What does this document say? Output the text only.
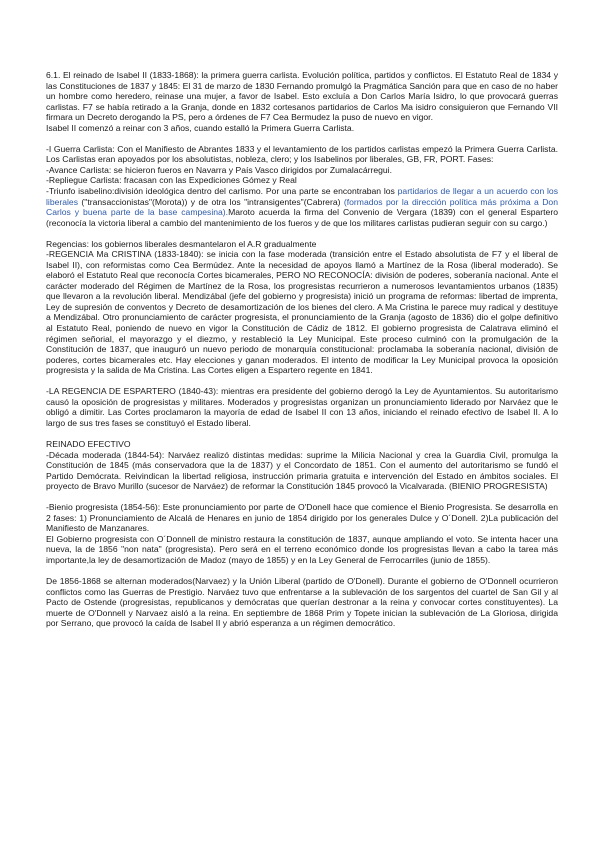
6.1. El reinado de Isabel II (1833-1868): la primera guerra carlista. Evolución política, partidos y conflictos. El Estatuto Real de 1834 y las Constituciones de 1837 y 1845: El 31 de marzo de 1830 Fernando promulgó la Pragmática Sanción para que en caso de no haber un hombre como heredero, reinase una mujer, a favor de Isabel. Esto excluía a Don Carlos María Isidro, lo que provocará guerras carlistas. F7 se había retirado a la Granja, donde en 1832 cortesanos partidarios de Carlos Ma isidro consiguieron que Fernando VII firmara un Decreto derogando la PS, pero a órdenes de F7 Cea Bermudez la puso de nuevo en vigor.

Isabel II comenzó a reinar con 3 años, cuando estalló la Primera Guerra Carlista.

-I Guerra Carlista: Con el Manifiesto de Abrantes 1833 y el levantamiento de los partidos carlistas empezó la Primera Guerra Carlista. Los Carlistas eran apoyados por los absolutistas, nobleza, clero; y los Isabelinos por liberales, GB, FR, PORT. Fases:

-Avance Carlista: se hicieron fueros en Navarra y País Vasco dirigidos por Zumalacárregui.

-Repliegue Carlista: fracasan con las Expediciones Gómez y Real

-Triunfo isabelino:división ideológica dentro del carlismo. Por una parte se encontraban los partidarios de llegar a un acuerdo con los liberales ("transaccionistas"(Morota)) y de otra los "intransigentes"(Cabrera) (formados por la dirección política más próxima a Don Carlos y buena parte de la base campesina).Maroto acuerda la firma del Convenio de Vergara (1839) con el general Espartero (reconocía la victoria liberal a cambio del mantenimiento de los fueros y de que los militares carlistas pudieran seguir con su cargo.)

Regencias: los gobiernos liberales desmantelaron el A.R gradualmente

-REGENCIA Ma CRISTINA (1833-1840): se inicia con la fase moderada (transición entre el Estado absolutista de F7 y el liberal de Isabel II), con reformistas como Cea Bermúdez. Ante la necesidad de apoyos llamó a Martínez de la Rosa (liberal moderado). Se elaboró el Estatuto Real que reconocía Cortes bicamerales, PERO NO RECONOCÍA: división de poderes, soberanía nacional. Ante el carácter moderado del Régimen de Martínez de la Rosa, los progresistas recurrieron a numerosos levantamientos urbanos (1835) que llevaron a la revolución liberal. Mendizábal (jefe del gobierno y progresista) inició un programa de reformas: libertad de imprenta, Ley de supresión de conventos y Decreto de desamortización de los bienes del clero. A Ma Cristina le parece muy radical y destituye a Mendizábal. Otro pronunciamiento de carácter progresista, el pronunciamiento de la Granja (agosto de 1836) dio el golpe definitivo al Estatuto Real, poniendo de nuevo en vigor la Constitución de Cádiz de 1812. El gobierno progresista de Calatrava eliminó el régimen señorial, el mayorazgo y el diezmo, y restableció la Ley Municipal. Este proceso culminó con la promulgación de la Constitución de 1837, que inauguró un nuevo periodo de monarquía constitucional: proclamaba la soberanía nacional, división de poderes, cortes bicamerales etc. Hay elecciones y ganan moderados. El intento de modificar la Ley Municipal provoca la oposición progresista y la salida de Ma Cristina. Las Cortes eligen a Espartero regente en 1841.

-LA REGENCIA DE ESPARTERO (1840-43): mientras era presidente del gobierno derogó la Ley de Ayuntamientos. Su autoritarismo causó la oposición de progresistas y militares. Moderados y progresistas organizan un pronunciamiento liderado por Narváez que le obligó a dimitir. Las Cortes proclamaron la mayoría de edad de Isabel II con 13 años, iniciando el reinado efectivo de Isabel II. A lo largo de sus tres fases se constituyó el Estado liberal.

REINADO EFECTIVO

-Década moderada (1844-54): Narváez realizó distintas medidas: suprime la Milicia Nacional y crea la Guardia Civil, promulga la Constitución de 1845 (más conservadora que la de 1837) y el Concordato de 1851. Con el aumento del autoritarismo se fundó el Partido Demócrata. Reivindican la libertad religiosa, instrucción primaria gratuita e intervención del Estado en ámbitos sociales. El proyecto de Bravo Murillo (sucesor de Narváez) de reformar la Constitución 1845 provocó la Vicalvarada. (BIENIO PROGRESISTA)

-Bienio progresista (1854-56): Este pronunciamiento por parte de O'Donell hace que comience el Bienio Progresista. Se desarrolla en 2 fases: 1) Pronunciamiento de Alcalá de Henares en junio de 1854 dirigido por los generales Dulce y O´Donell. 2)La publicación del Manifiesto de Manzanares.

El Gobierno progresista con O´Donnell de ministro restaura la constitución de 1837, aunque ampliando el voto. Se intenta hacer una nueva, la de 1856 "non nata" (progresista). Pero será en el terreno económico donde los progresistas llevan a cabo la tarea más importante,la ley de desamortización de Madoz (mayo de 1855) y en la Ley General de Ferrocarriles (junio de 1855).

De 1856-1868 se alternan moderados(Narvaez) y la Unión Liberal (partido de O'Donell). Durante el gobierno de O'Donnell ocurrieron conflictos como las Guerras de Prestigio. Narváez tuvo que enfrentarse a la sublevación de los sargentos del cuartel de San Gil y al Pacto de Ostende (progresistas, republicanos y demócratas que querían destronar a la reina y convocar cortes constituyentes). La muerte de O'Donnell y Narvaez aisló a la reina. En septiembre de 1868 Prim y Topete inician la sublevación de La Gloriosa, dirigida por Serrano, que provocó la caída de Isabel II y abrió esperanza a un régimen democrático.
